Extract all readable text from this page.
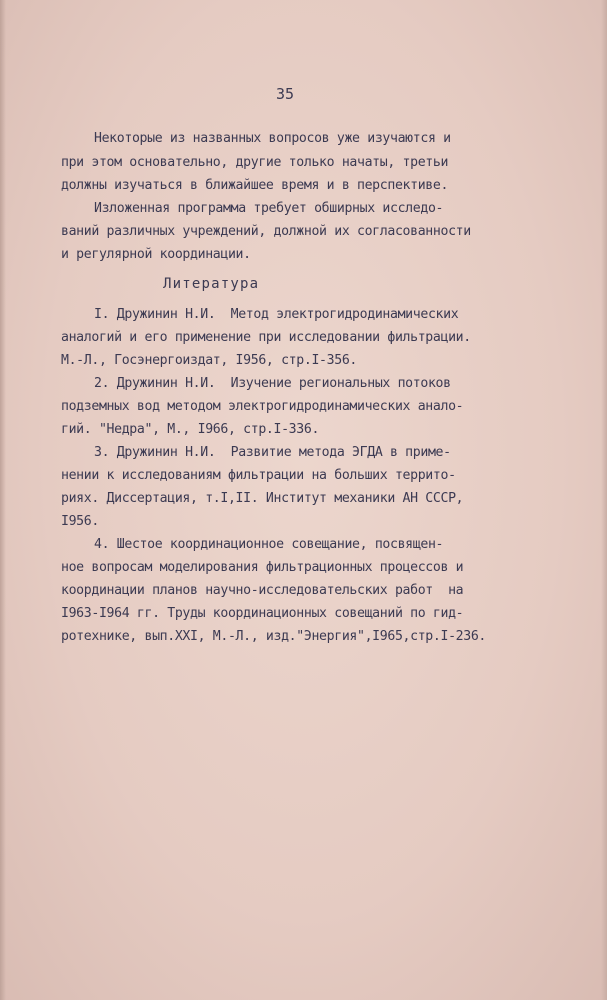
35
Некоторые из названных вопросов уже изучаются и
при этом основательно, другие только начаты, третьи
должны изучаться в ближайшее время и в перспективе.
Изложенная программа требует обширных исследо-
ваний различных учреждений, должной их согласованности
и регулярной координации.
Литература
I. Дружинин Н.И.  Метод электрогидродинамических
аналогий и его применение при исследовании фильтрации.
М.-Л., Госэнергоиздат, I956, стр.I-356.
2. Дружинин Н.И.  Изучение региональных потоков
подземных вод методом электрогидродинамических анало-
гий. "Недра", М., I966, стр.I-336.
3. Дружинин Н.И.  Развитие метода ЭГДА в приме-
нении к исследованиям фильтрации на больших террито-
риях. Диссертация, т.I,II. Институт механики АН СССР,
I956.
4. Шестое координационное совещание, посвящен-
ное вопросам моделирования фильтрационных процессов и
координации планов научно-исследовательских работ  на
I963-I964 гг. Труды координационных совещаний по гид-
ротехнике, вып.XXI, М.-Л., изд."Энергия",I965,стр.I-236.
